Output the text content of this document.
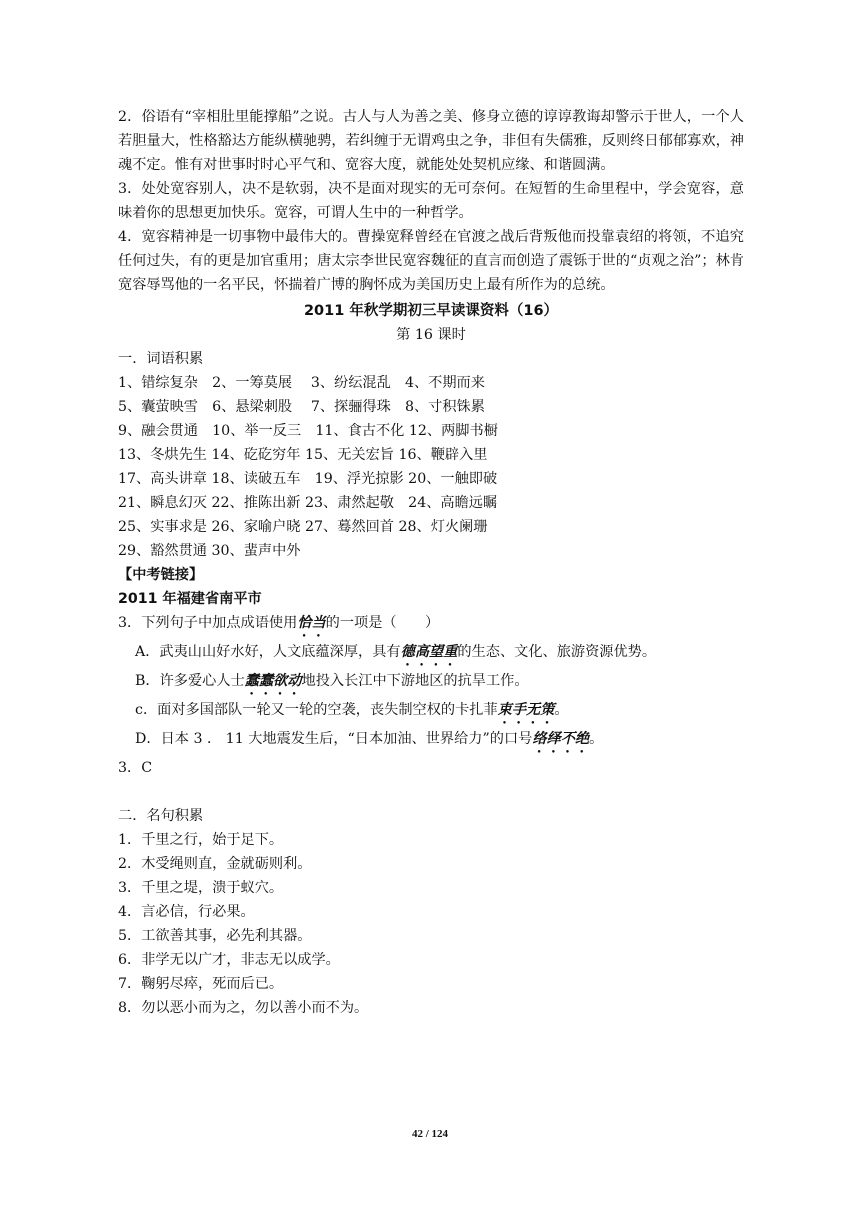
2．俗语有“宰相肚里能撑船”之说。古人与人为善之美、修身立德的谆谆教诲却警示于世人，一个人若胆量大，性格豁达方能纵横驰骋，若纠缠于无谓鸡虫之争，非但有失儒雅，反则终日郁郁寡欢，神魂不定。惟有对世事时时心平气和、宽容大度，就能处处契机应缘、和谐圆满。

3．处处宽容别人，决不是软弱，决不是面对现实的无可奈何。在短暂的生命里程中，学会宽容，意味着你的思想更加快乐。宽容，可谓人生中的一种哲学。

4．宽容精神是一切事物中最伟大的。曹操宽释曾经在官渡之战后背叛他而投靠袁绍的将领，不追究任何过失，有的更是加官重用；唐太宗李世民宽容魏征的直言而创造了震铄于世的“贞观之治”；林肯宽容辱骂他的一名平民，怀揣着广博的胸怀成为美国历史上最有所作为的总统。

2011 年秋学期初三早读课资料（16）

第 16 课时

一．词语积累

1、错综复杂　2、一筹莫展　 3、纷纭混乱　4、不期而来

5、囊萤映雪　6、悬梁刺股　 7、探骊得珠　8、寸积铢累

9、融会贯通　10、举一反三　11、食古不化 12、两脚书橱

13、冬烘先生 14、矻矻穷年 15、无关宏旨 16、鞭辟入里

17、高头讲章 18、读破五车　19、浮光掠影 20、一触即破

21、瞬息幻灭 22、推陈出新 23、肃然起敬　24、高瞻远瞩

25、实事求是 26、家喻户晓 27、蓦然回首 28、灯火阑珊

29、豁然贯通 30、蜚声中外

【中考链接】

2011 年福建省南平市

3．下列句子中加点成语使用恰当的一项是（　　）

A．武夷山山好水好，人文底蕴深厚，具有德高望重的生态、文化、旅游资源优势。

B．许多爱心人士蠢蠢欲动地投入长江中下游地区的抗旱工作。

c．面对多国部队一轮又一轮的空袭，丧失制空权的卡扎菲束手无策。

D．日本 3 ． 11 大地震发生后，“日本加油、世界给力”的口号络绎不绝。

3．C

二．名句积累

1．千里之行，始于足下。

2．木受绳则直，金就砺则利。

3．千里之堤，溃于蚁穴。

4．言必信，行必果。

5．工欲善其事，必先利其器。

6．非学无以广才，非志无以成学。

7．鞠躬尽瘁，死而后已。

8．勿以恶小而为之，勿以善小而不为。

42 / 124
